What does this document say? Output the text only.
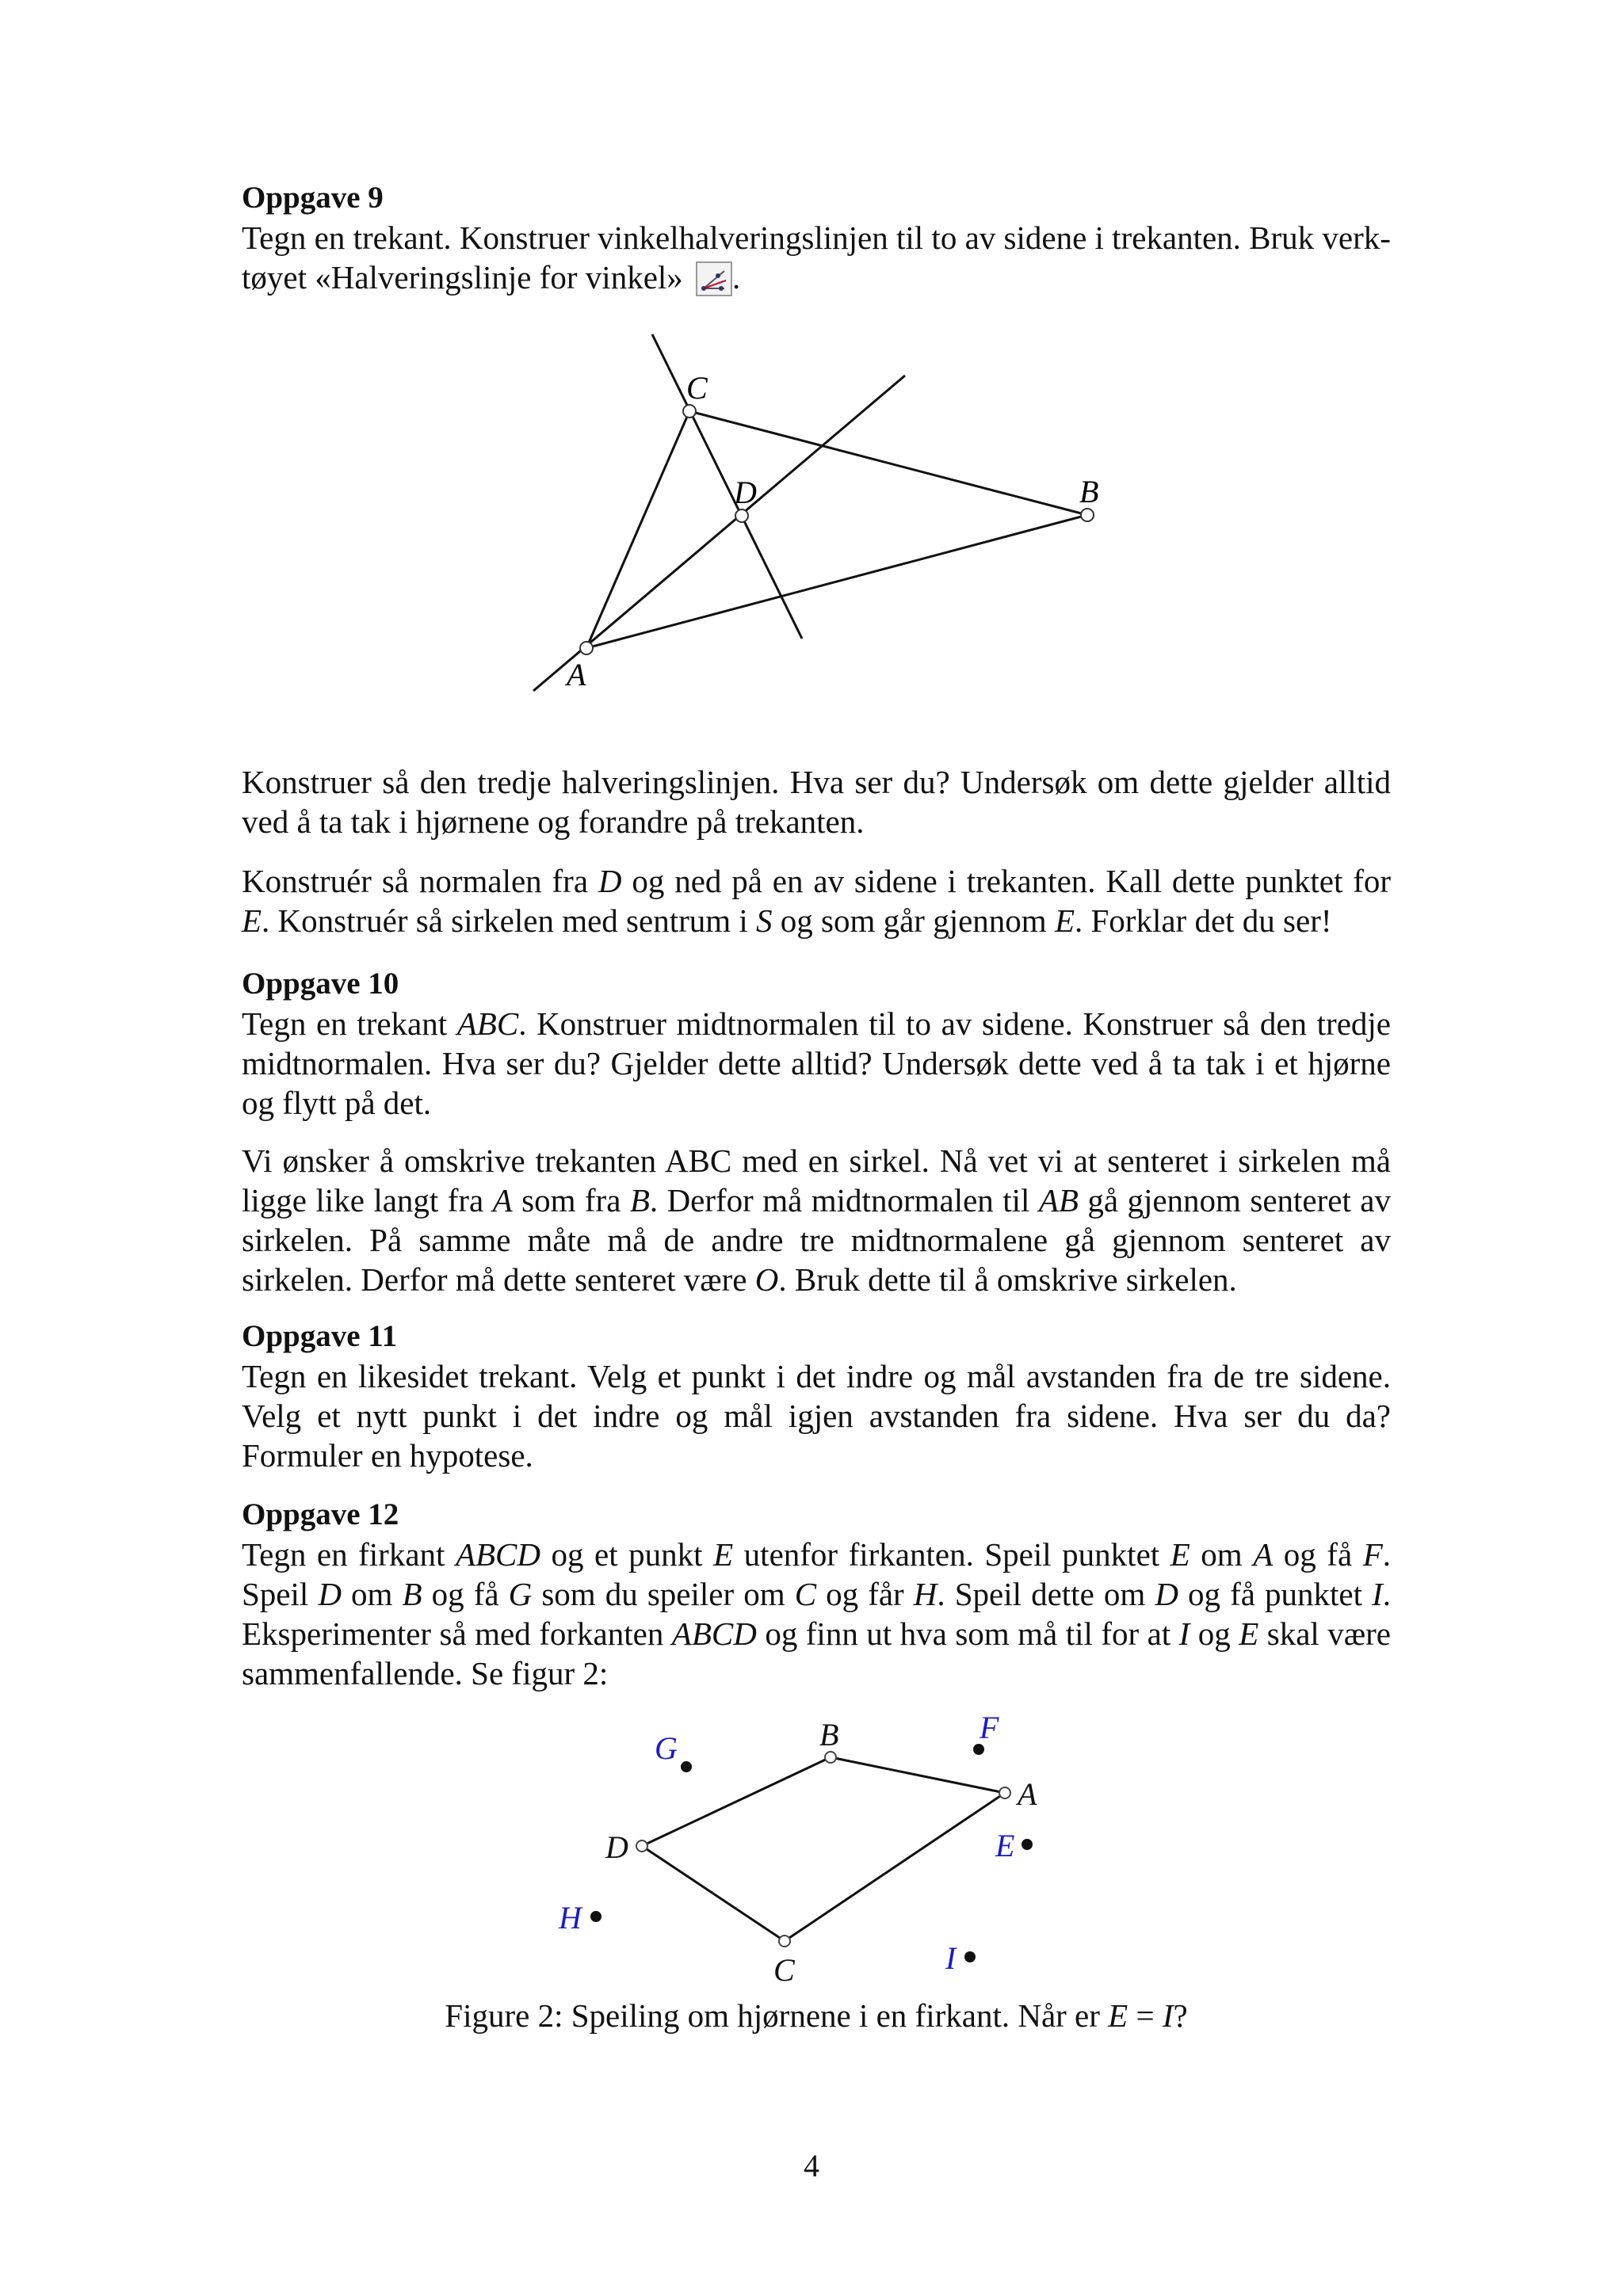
Oppgave 9
Tegn en trekant. Konstruer vinkelhalveringslinjen til to av sidene i trekanten. Bruk verk-
tøyet «Halveringslinje for vinkel» .
A
C
B
D
Konstruer så den tredje halveringslinjen. Hva ser du? Undersøk om dette gjelder alltid ved å ta tak i hjørnene og forandre på trekanten.
Konstruér så normalen fra D og ned på en av sidene i trekanten. Kall dette punktet for E. Konstruér så sirkelen med sentrum i S og som går gjennom E. Forklar det du ser!
Oppgave 10
Tegn en trekant ABC. Konstruer midtnormalen til to av sidene. Konstruer så den tredje midtnormalen. Hva ser du? Gjelder dette alltid? Undersøk dette ved å ta tak i et hjørne og flytt på det.
Vi ønsker å omskrive trekanten ABC med en sirkel. Nå vet vi at senteret i sirkelen må ligge like langt fra A som fra B. Derfor må midtnormalen til AB gå gjennom senteret av sirkelen. På samme måte må de andre tre midtnormalene gå gjennom senteret av sirkelen. Derfor må dette senteret være O. Bruk dette til å omskrive sirkelen.
Oppgave 11
Tegn en likesidet trekant. Velg et punkt i det indre og mål avstanden fra de tre sidene. Velg et nytt punkt i det indre og mål igjen avstanden fra sidene. Hva ser du da? Formuler en hypotese.
Oppgave 12
Tegn en firkant ABCD og et punkt E utenfor firkanten. Speil punktet E om A og få F. Speil D om B og få G som du speiler om C og får H. Speil dette om D og få punktet I. Eksperimenter så med forkanten ABCD og finn ut hva som må til for at I og E skal være sammenfallende. Se figur 2:
A
B
D
C
G
F
E
H
I
Figure 2: Speiling om hjørnene i en firkant. Når er E = I?
4
